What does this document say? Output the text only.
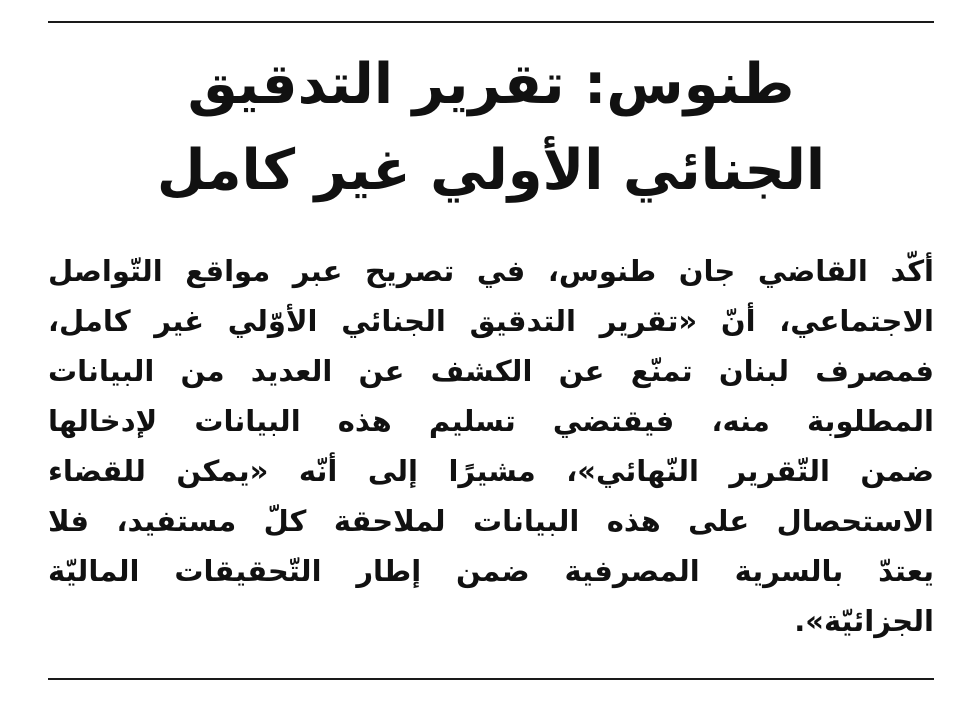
طنوس: تقرير التدقيق
الجنائي الأولي غير كامل
أكّد القاضي جان طنوس، في تصريح عبر مواقع التّواصل
الاجتماعي، أنّ «تقرير التدقيق الجنائي الأوّلي غير كامل،
فمصرف لبنان تمنّع عن الكشف عن العديد من البيانات
المطلوبة منه، فيقتضي تسليم هذه البيانات لإدخالها
ضمن التّقرير النّهائي»، مشيرًا إلى أنّه «يمكن للقضاء
الاستحصال على هذه البيانات لملاحقة كلّ مستفيد، فلا
يعتدّ بالسرية المصرفية ضمن إطار التّحقيقات الماليّة
الجزائيّة».
